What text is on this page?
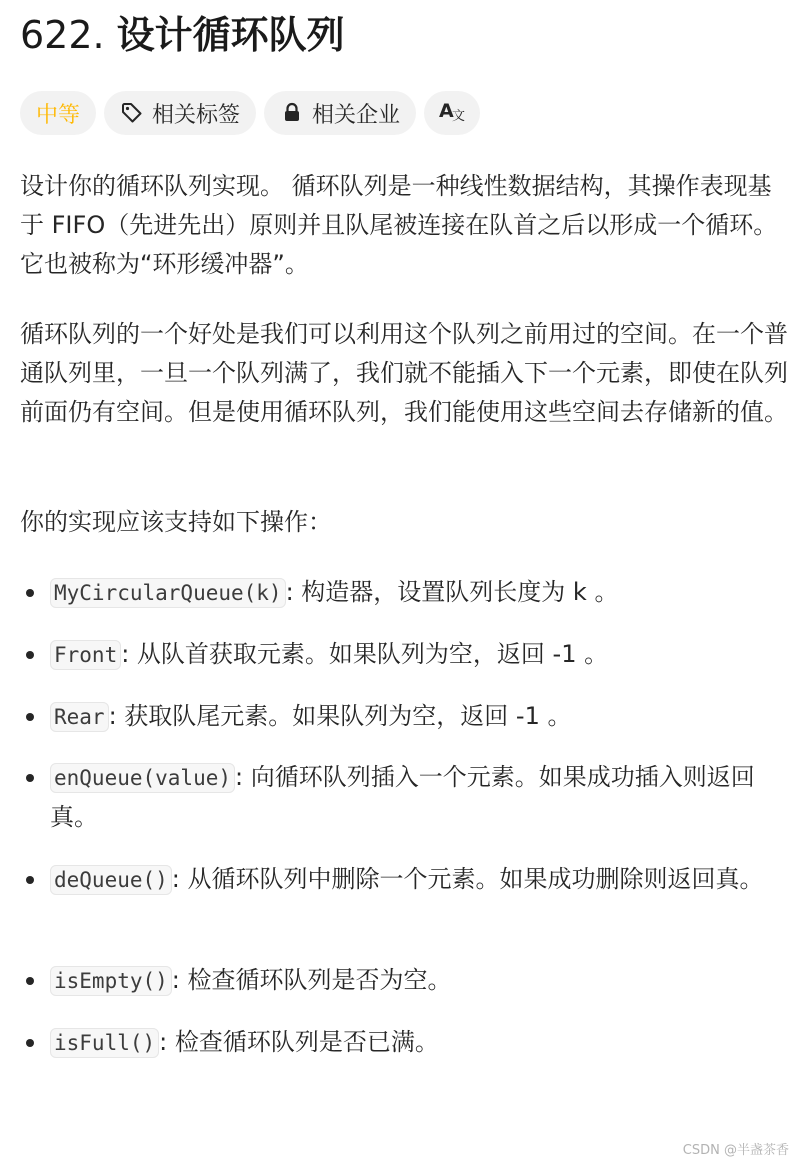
622. 设计循环队列
中等	相关标签	相关企业 A
文

设计你的循环队列实现。 循环队列是一种线性数据结构，其操作表现基于 FIFO（先进先出）原则并且队尾被连接在队首之后以形成一个循环。它也被称为“环形缓冲器”。

循环队列的一个好处是我们可以利用这个队列之前用过的空间。在一个普通队列里，一旦一个队列满了，我们就不能插入下一个元素，即使在队列前面仍有空间。但是使用循环队列，我们能使用这些空间去存储新的值。

你的实现应该支持如下操作：

MyCircularQueue(k) : 构造器，设置队列长度为 k 。
Front : 从队首获取元素。如果队列为空，返回 -1 。
Rear : 获取队尾元素。如果队列为空，返回 -1 。
enQueue(value) : 向循环队列插入一个元素。如果成功插入则返回真。
deQueue() : 从循环队列中删除一个元素。如果成功删除则返回真。
isEmpty() : 检查循环队列是否为空。
isFull() : 检查循环队列是否已满。
CSDN @半盏茶香
